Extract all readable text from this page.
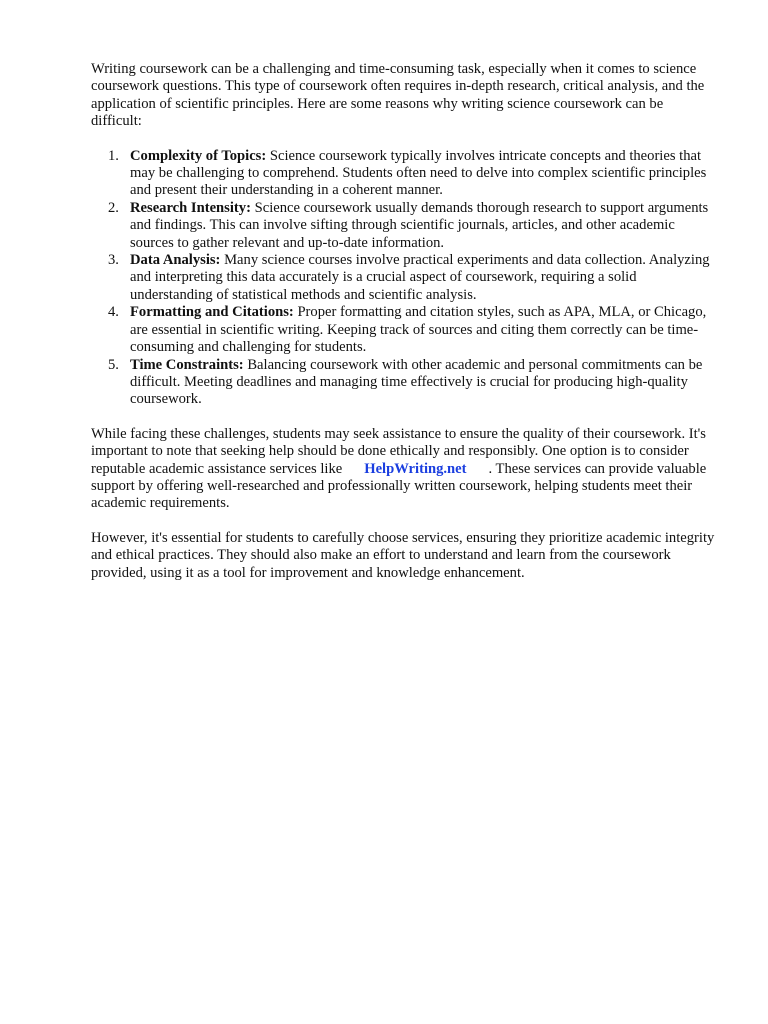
Writing coursework can be a challenging and time-consuming task, especially when it comes to science coursework questions. This type of coursework often requires in-depth research, critical analysis, and the application of scientific principles. Here are some reasons why writing science coursework can be difficult:

1. Complexity of Topics: Science coursework typically involves intricate concepts and theories that may be challenging to comprehend. Students often need to delve into complex scientific principles and present their understanding in a coherent manner.
2. Research Intensity: Science coursework usually demands thorough research to support arguments and findings. This can involve sifting through scientific journals, articles, and other academic sources to gather relevant and up-to-date information.
3. Data Analysis: Many science courses involve practical experiments and data collection. Analyzing and interpreting this data accurately is a crucial aspect of coursework, requiring a solid understanding of statistical methods and scientific analysis.
4. Formatting and Citations: Proper formatting and citation styles, such as APA, MLA, or Chicago, are essential in scientific writing. Keeping track of sources and citing them correctly can be time-consuming and challenging for students.
5. Time Constraints: Balancing coursework with other academic and personal commitments can be difficult. Meeting deadlines and managing time effectively is crucial for producing high-quality coursework.

While facing these challenges, students may seek assistance to ensure the quality of their coursework. It's important to note that seeking help should be done ethically and responsibly. One option is to consider reputable academic assistance services like HelpWriting.net . These services can provide valuable support by offering well-researched and professionally written coursework, helping students meet their academic requirements.

However, it's essential for students to carefully choose services, ensuring they prioritize academic integrity and ethical practices. They should also make an effort to understand and learn from the coursework provided, using it as a tool for improvement and knowledge enhancement.
